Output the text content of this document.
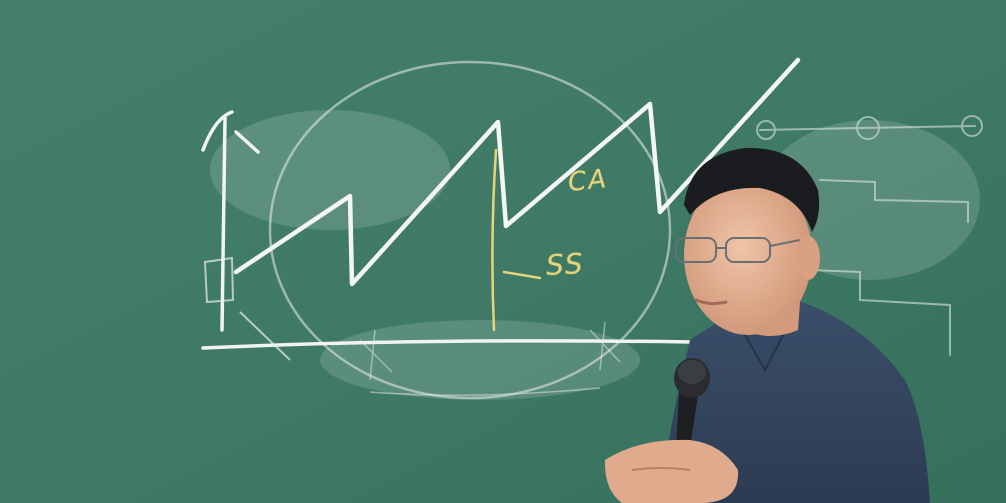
CA
SS
